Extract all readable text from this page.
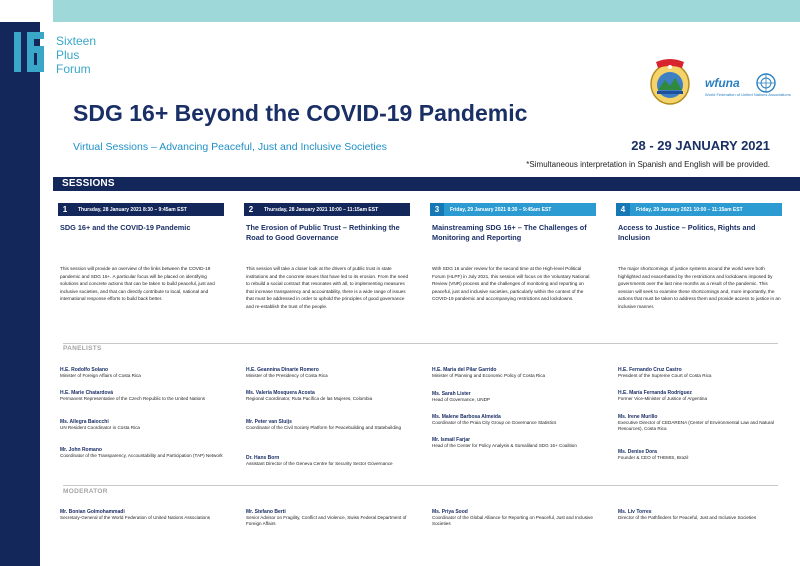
Sixteen
Plus Forum
wfuna
World Federation of United Nations Associations
SDG 16+ Beyond the COVID-19 Pandemic
Virtual Sessions – Advancing Peaceful, Just and Inclusive Societies	28 - 29 JANUARY 2021
*Simultaneous interpretation in Spanish and English will be provided.
SESSIONS
1	Thursday, 28 January 2021 8:30 – 9:45am EST
SDG 16+ and the COVID-19 Pandemic
This session will provide an overview of the links between the COVID-19 pandemic and SDG 16+. A particular focus will be placed on identifying solutions and concrete actions that can be taken to build peaceful, just and inclusive societies, and that can directly contribute to local, national and international response efforts to build back better.
2	Thursday, 28 January 2021 10:00 – 11:15am EST
The Erosion of Public Trust – Rethinking the Road to Good Governance
This session will take a closer look at the drivers of public trust in state institutions and the concrete issues that have led to its erosion. From the need to rebuild a social contract that resonates with all, to implementing measures that increase transparency and accountability, there is a wide range of issues that must be addressed in order to uphold the principles of good governance and re-establish the trust of the people.
3	Friday, 29 January 2021 8:30 – 9:45am EST
Mainstreaming SDG 16+ – The Challenges of Monitoring and Reporting
With SDG 16 under review for the second time at the High-level Political Forum (HLPF) in July 2021, this session will focus on the Voluntary National Review (VNR) process and the challenges of monitoring and reporting on peaceful, just and inclusive societies, particularly within the context of the COVID-19 pandemic and accompanying restrictions and lockdowns.
4	Friday, 29 January 2021 10:00 – 11:15am EST
Access to Justice – Politics, Rights and Inclusion
The major shortcomings of justice systems around the world were both highlighted and exacerbated by the restrictions and lockdowns imposed by governments over the last nine months as a result of the pandemic. This session will seek to examine these shortcomings and, more importantly, the actions that must be taken to address them and provide access to justice in an inclusive manner.
PANELISTS
H.E. Rodolfo Solano
Minister of Foreign Affairs of Costa Rica
H.E. Marie Chatardová
Permanent Representative of the Czech Republic to the United Nations
Ms. Allegra Baiocchi
UN Resident Coordinator in Costa Rica
Mr. John Romano
Coordinator of the Transparency, Accountability and Participation (TAP) Network
H.E. Geannina Dinarte Romero
Minister of the Presidency of Costa Rica
Ms. Valeria Mosquera Acosta
Regional Coordinator, Ruta Pacífica de las Mujeres, Colombia
Mr. Peter van Sluijs
Coordinator of the Civil Society Platform for Peacebuilding and Statebuilding
Dr. Hans Born
Assistant Director of the Geneva Centre for Security Sector Governance
H.E. Maria del Pilar Garrido
Minister of Planning and Economic Policy of Costa Rica
Ms. Sarah Lister
Head of Governance, UNDP
Ms. Malene Barbosa Almeida
Coordinator of the Praia City Group on Governance Statistics
Mr. Ismail Farjar
Head of the Center for Policy Analysis & Somaliland SDG 16+ Coalition
H.E. Fernando Cruz Castro
President of the Supreme Court of Costa Rica
H.E. María Fernanda Rodríguez
Former Vice-Minister of Justice of Argentina
Ms. Irene Murillo
Executive Director of CEDARENA (Center of Environmental Law and Natural Resources), Costa Rica
Ms. Denise Dora
Founder & CEO of THEMIS, Brazil
MODERATOR
Mr. Bonian Golmohammadi
Secretary-General of the World Federation of United Nations Associations
Mr. Stefano Berti
Senior Advisor on Fragility, Conflict and Violence, Swiss Federal Department of Foreign Affairs
Ms. Priya Sood
Coordinator of the Global Alliance for Reporting on Peaceful, Just and Inclusive Societies
Ms. Liv Torres
Director of the Pathfinders for Peaceful, Just and Inclusive Societies
